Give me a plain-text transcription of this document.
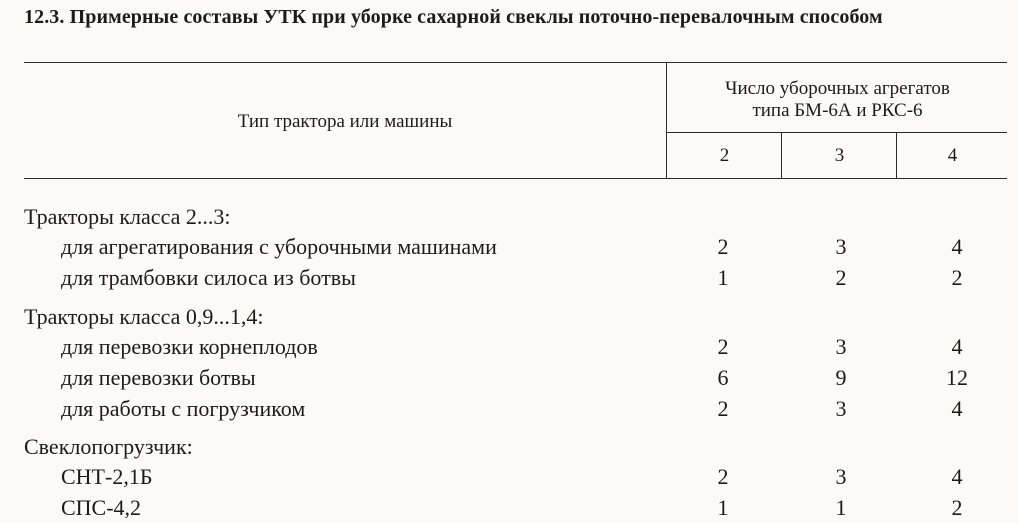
12.3. Примерные составы УТК при уборке сахарной свеклы поточно-перевалочным способом
Тип трактора или машины
Число уборочных агрегатов
типа БМ-6А и РКС-6
2	3	4
Тракторы класса 2...3:
для агрегатирования с уборочными машинами	2	3	4
для трамбовки силоса из ботвы	1	2	2
Тракторы класса 0,9...1,4:
для перевозки корнеплодов	2	3	4
для перевозки ботвы	6	9	12
для работы с погрузчиком	2	3	4
Свеклопогрузчик:
СНТ-2,1Б	2	3	4
СПС-4,2	1	1	2
